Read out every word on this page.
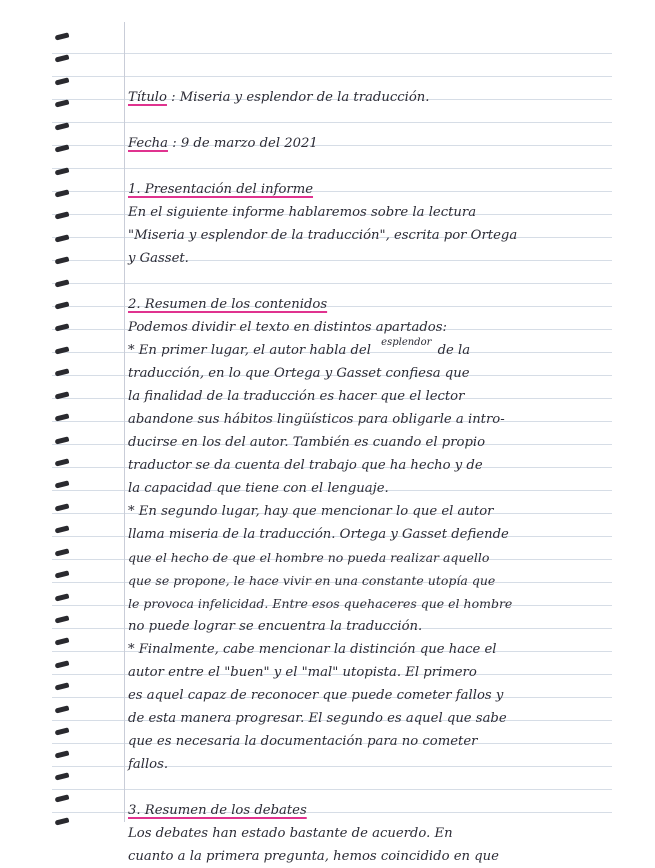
Título : Miseria y esplendor de la traducción.
Fecha : 9 de marzo del 2021
1. Presentación del informe
En el siguiente informe hablaremos sobre la lectura
"Miseria y esplendor de la traducción", escrita por Ortega
y Gasset.
2. Resumen de los contenidos
Podemos dividir el texto en distintos apartados:
* En primer lugar, el autor habla del esplendor de la
traducción, en lo que Ortega y Gasset confiesa que
la finalidad de la traducción es hacer que el lector
abandone sus hábitos lingüísticos para obligarle a intro-
ducirse en los del autor. También es cuando el propio
traductor se da cuenta del trabajo que ha hecho y de
la capacidad que tiene con el lenguaje.
* En segundo lugar, hay que mencionar lo que el autor
llama miseria de la traducción. Ortega y Gasset defiende
que el hecho de que el hombre no pueda realizar aquello
que se propone, le hace vivir en una constante utopía que
le provoca infelicidad. Entre esos quehaceres que el hombre
no puede lograr se encuentra la traducción.
* Finalmente, cabe mencionar la distinción que hace el
autor entre el "buen" y el "mal" utopista. El primero
es aquel capaz de reconocer que puede cometer fallos y
de esta manera progresar. El segundo es aquel que sabe
que es necesaria la documentación para no cometer
fallos.
3. Resumen de los debates
Los debates han estado bastante de acuerdo. En
cuanto a la primera pregunta, hemos coincidido en que
